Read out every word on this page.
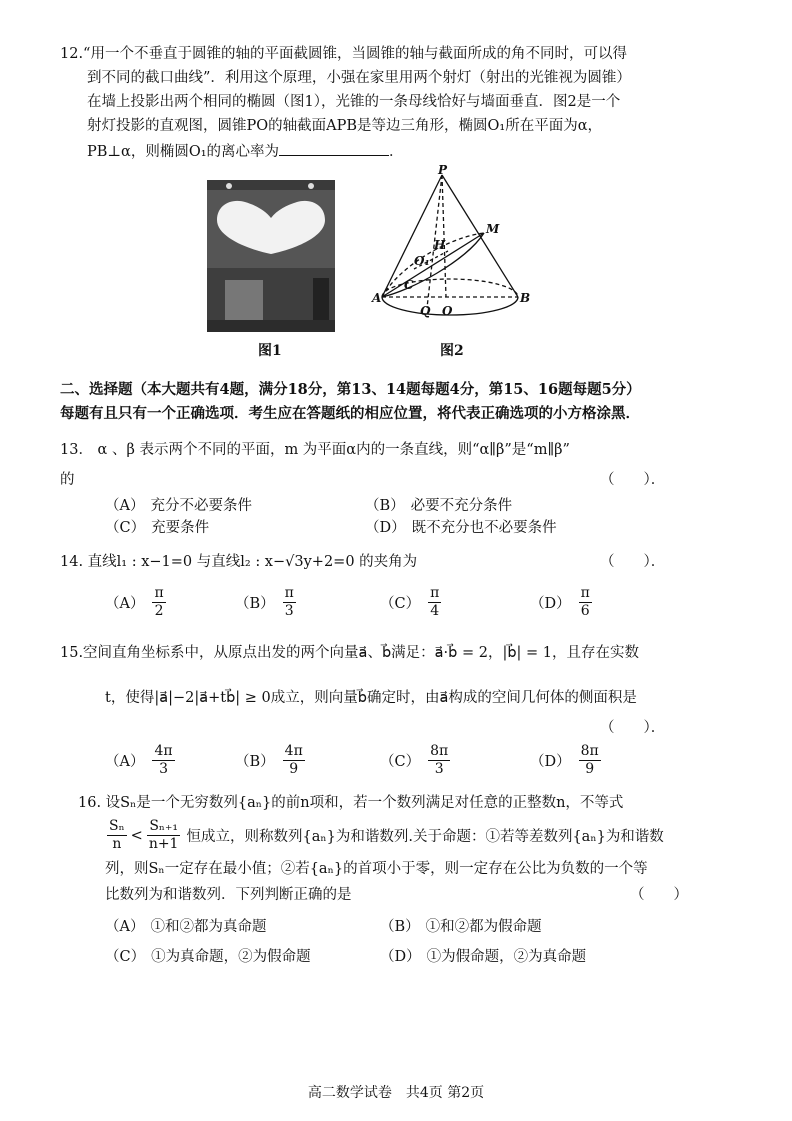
12.“用一个不垂直于圆锥的轴的平面截圆锥，当圆锥的轴与截面所成的角不同时，可以得
到不同的截口曲线”．利用这个原理，小强在家里用两个射灯（射出的光锥视为圆锥）
在墙上投影出两个相同的椭圆（图1），光锥的一条母线恰好与墙面垂直．图2是一个
射灯投影的直观图，圆锥PO的轴截面APB是等边三角形，椭圆O₁所在平面为α，
PB⊥α，则椭圆O₁的离心率为	．
图1
P
M
H
O₁
C
A
Q O
B
图2
二、选择题（本大题共有4题，满分18分，第13、14题每题4分，第15、16题每题5分）
每题有且只有一个正确选项．考生应在答题纸的相应位置，将代表正确选项的小方格涂黑．
13． α 、β 表示两个不同的平面，m 为平面α内的一条直线，则“α∥β”是“m∥β”
的	（　　）．
（A） 充分不必要条件	（B） 必要不充分条件
（C） 充要条件	（D） 既不充分也不必要条件
14. 直线l₁ : x−1=0 与直线l₂ : x−√3y+2=0 的夹角为	（　　）．
$(A) \frac{\pi}{2}$	$(B) \frac{\pi}{3}$	$(C) \frac{\pi}{4}$	$(D) \frac{\pi}{6}$
15.空间直角坐标系中，从原点出发的两个向量a⃗、b⃗满足：a⃗·b⃗ = 2，|b⃗| = 1，且存在实数
t，使得|a⃗|−2|a⃗+tb⃗| ≥ 0成立，则向量b⃗确定时，由a⃗构成的空间几何体的侧面积是
（　　）．
$(A) \frac{4\pi}{3}$	$(B) \frac{4\pi}{9}$	$(C) \frac{8\pi}{3}$	$(D) \frac{8\pi}{9}$
16. 设Sₙ是一个无穷数列{aₙ}的前n项和，若一个数列满足对任意的正整数n，不等式
$\frac{\text{Sₙ}}{n} < \frac{\text{Sₙ₊₁}}{n+1}$ 恒成立，则称数列{aₙ}为和谐数列.关于命题：①若等差数列{aₙ}为和谐数
列，则Sₙ一定存在最小值；②若{aₙ}的首项小于零，则一定存在公比为负数的一个等
比数列为和谐数列．下列判断正确的是	（　　）
（A） ①和②都为真命题	（B） ①和②都为假命题
（C） ①为真命题，②为假命题	（D） ①为假命题，②为真命题
高二数学试卷　共4页 第2页
